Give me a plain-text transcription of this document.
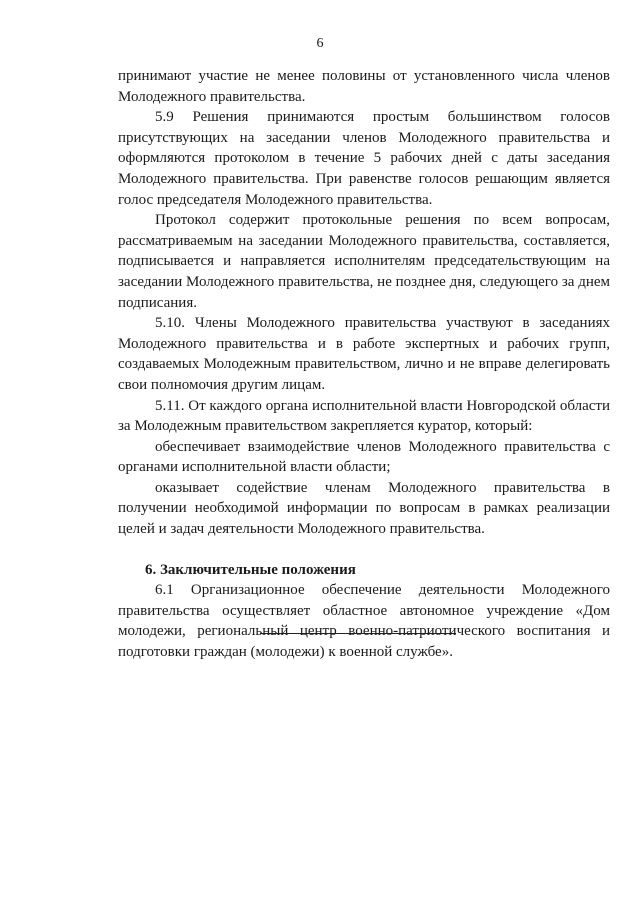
6

принимают участие не менее половины от установленного числа членов Молодежного правительства.

5.9 Решения принимаются простым большинством голосов присутствующих на заседании членов Молодежного правительства и оформляются протоколом в течение 5 рабочих дней с даты заседания Молодежного правительства. При равенстве голосов решающим является голос председателя Молодежного правительства.

Протокол содержит протокольные решения по всем вопросам, рассматриваемым на заседании Молодежного правительства, составляется, подписывается и направляется исполнителям председательствующим на заседании Молодежного правительства, не позднее дня, следующего за днем подписания.

5.10. Члены Молодежного правительства участвуют в заседаниях Молодежного правительства и в работе экспертных и рабочих групп, создаваемых Молодежным правительством, лично и не вправе делегировать свои полномочия другим лицам.

5.11. От каждого органа исполнительной власти Новгородской области за Молодежным правительством закрепляется куратор, который:

обеспечивает взаимодействие членов Молодежного правительства с органами исполнительной власти области;

оказывает содействие членам Молодежного правительства в получении необходимой информации по вопросам в рамках реализации целей и задач деятельности Молодежного правительства.

6. Заключительные положения

6.1 Организационное обеспечение деятельности Молодежного правительства осуществляет областное автономное учреждение «Дом молодежи, региональный центр военно-патриотического воспитания и подготовки граждан (молодежи) к военной службе».
